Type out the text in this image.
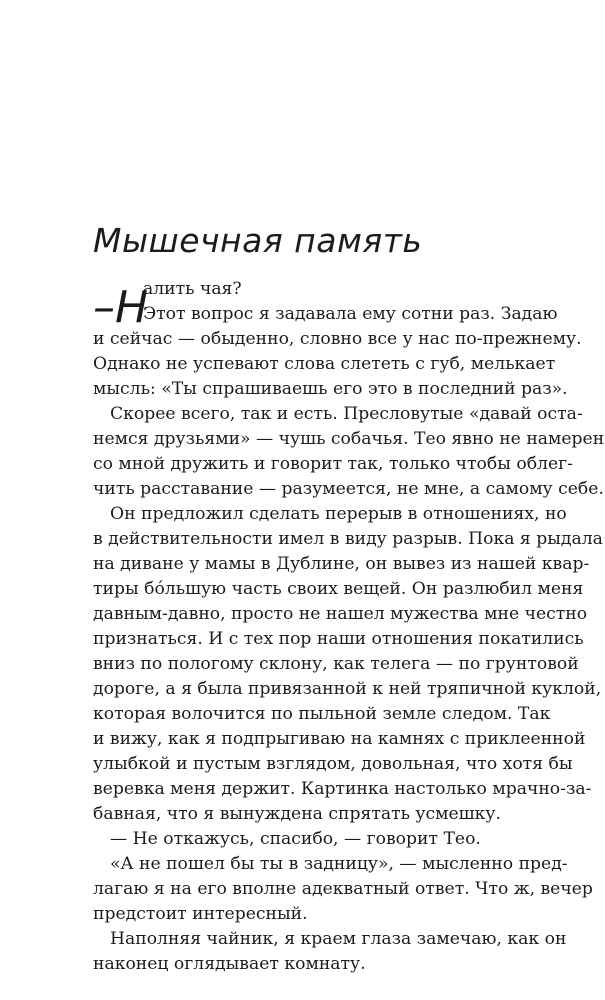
Мышечная память
–Н
алить чая?
Этот вопрос я задавала ему сотни раз. Задаю
и сейчас — обыденно, словно все у нас по-прежнему.
Однако не успевают слова слететь с губ, мелькает
мысль: «Ты спрашиваешь его это в последний раз».
Скорее всего, так и есть. Пресловутые «давай оста-
немся друзьями» — чушь собачья. Тео явно не намерен
со мной дружить и говорит так, только чтобы облег-
чить расставание — разумеется, не мне, а самому себе.
Он предложил сделать перерыв в отношениях, но
в действительности имел в виду разрыв. Пока я рыдала
на диване у мамы в Дублине, он вывез из нашей квар-
тиры бóльшую часть своих вещей. Он разлюбил меня
давным-давно, просто не нашел мужества мне честно
признаться. И с тех пор наши отношения покатились
вниз по пологому склону, как телега — по грунтовой
дороге, а я была привязанной к ней тряпичной куклой,
которая волочится по пыльной земле следом. Так
и вижу, как я подпрыгиваю на камнях с приклеенной
улыбкой и пустым взглядом, довольная, что хотя бы
веревка меня держит. Картинка настолько мрачно-за-
бавная, что я вынуждена спрятать усмешку.
— Не откажусь, спасибо, — говорит Тео.
«А не пошел бы ты в задницу», — мысленно пред-
лагаю я на его вполне адекватный ответ. Что ж, вечер
предстоит интересный.
Наполняя чайник, я краем глаза замечаю, как он
наконец оглядывает комнату.
